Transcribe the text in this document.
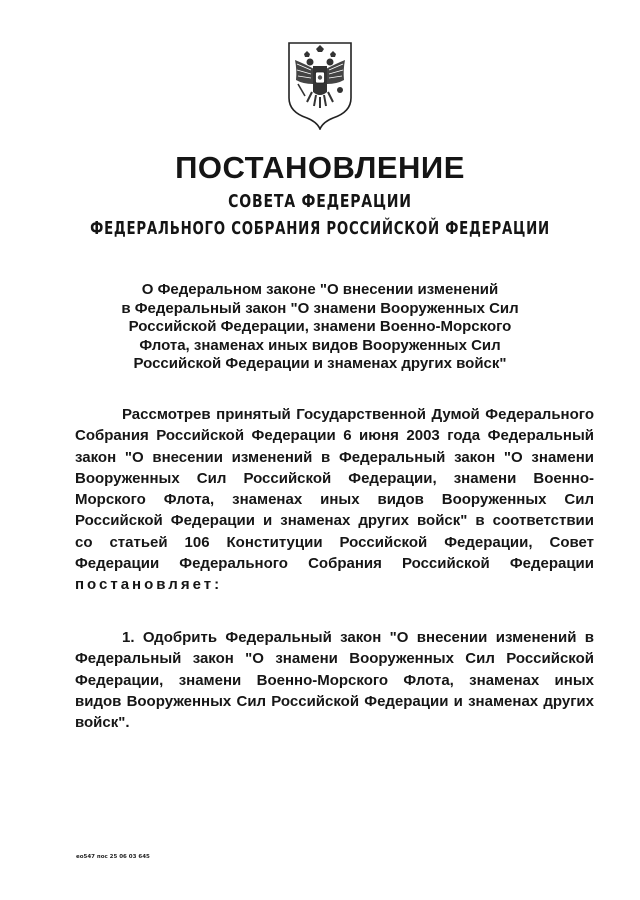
ПОСТАНОВЛЕНИЕ
СОВЕТА ФЕДЕРАЦИИ
ФЕДЕРАЛЬНОГО СОБРАНИЯ РОССИЙСКОЙ ФЕДЕРАЦИИ
О Федеральном законе "О внесении изменений
в Федеральный закон "О знамени Вооруженных Сил
Российской Федерации, знамени Военно-Морского
Флота, знаменах иных видов Вооруженных Сил
Российской Федерации и знаменах других войск"
Рассмотрев принятый Государственной Думой Федерального
Собрания Российской Федерации 6 июня 2003 года Федеральный
закон "О внесении изменений в Федеральный закон "О знамени
Вооруженных Сил Российской Федерации, знамени Военно-
Морского Флота, знаменах иных видов Вооруженных Сил
Российской Федерации и знаменах других войск" в соответствии
со статьей 106 Конституции Российской Федерации, Совет
Федерации Федерального Собрания Российской Федерации
постановляет:
1. Одобрить Федеральный закон "О внесении изменений в
Федеральный закон "О знамени Вооруженных Сил Российской
Федерации, знамени Военно-Морского Флота, знаменах иных
видов Вооруженных Сил Российской Федерации и знаменах других
войск".
ео547 пос 25 06 03 645
